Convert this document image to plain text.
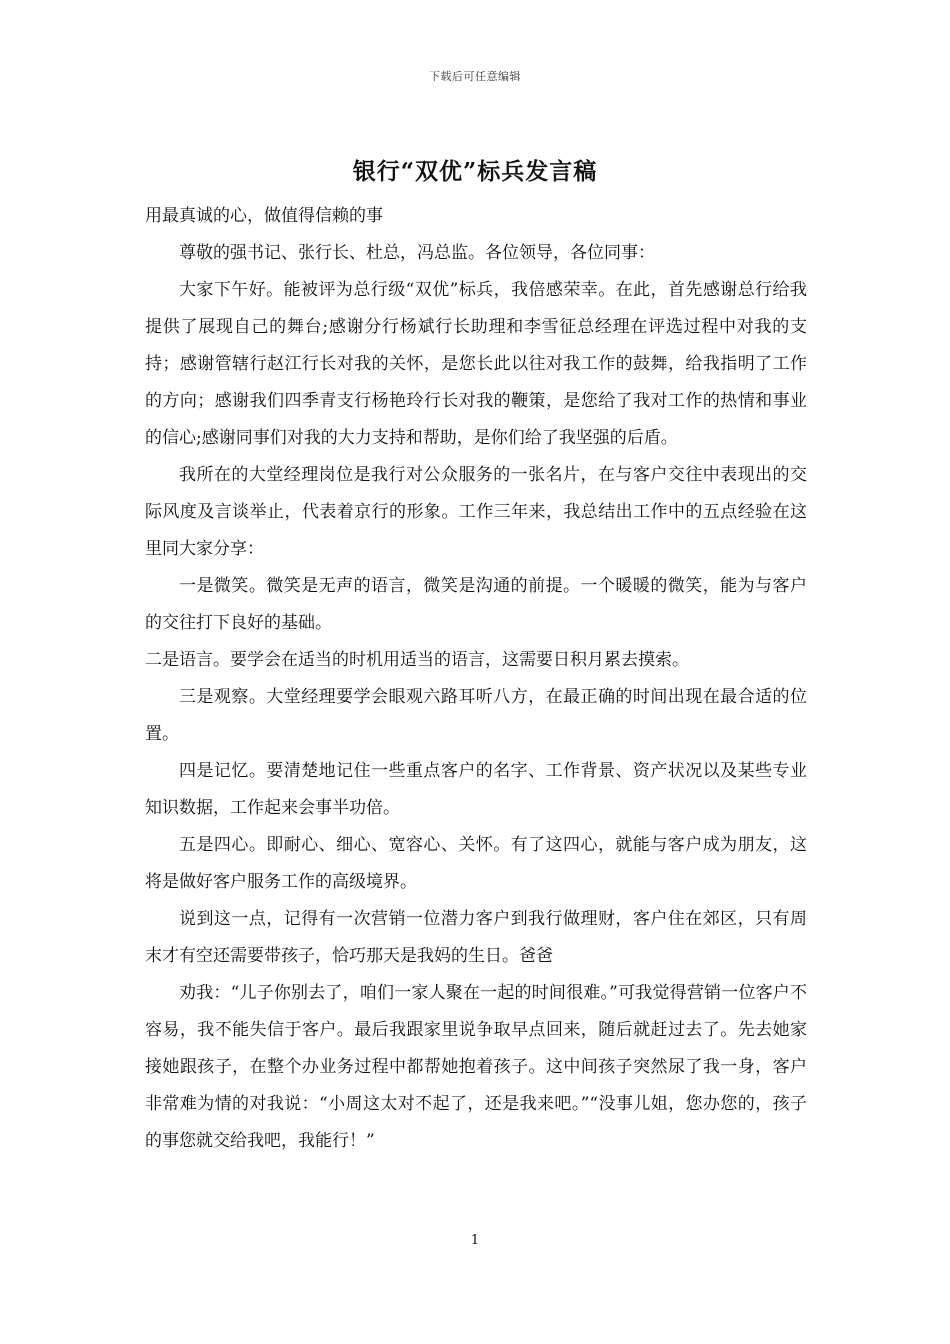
下载后可任意编辑
银行“双优”标兵发言稿

用最真诚的心，做值得信赖的事

尊敬的强书记、张行长、杜总，冯总监。各位领导，各位同事：

大家下午好。能被评为总行级“双优”标兵，我倍感荣幸。在此，首先感谢总行给我提供了展现自己的舞台;感谢分行杨斌行长助理和李雪征总经理在评选过程中对我的支持；感谢管辖行赵江行长对我的关怀，是您长此以往对我工作的鼓舞，给我指明了工作的方向；感谢我们四季青支行杨艳玲行长对我的鞭策，是您给了我对工作的热情和事业的信心;感谢同事们对我的大力支持和帮助，是你们给了我坚强的后盾。

我所在的大堂经理岗位是我行对公众服务的一张名片，在与客户交往中表现出的交际风度及言谈举止，代表着京行的形象。工作三年来，我总结出工作中的五点经验在这里同大家分享：

一是微笑。微笑是无声的语言，微笑是沟通的前提。一个暖暖的微笑，能为与客户的交往打下良好的基础。

二是语言。要学会在适当的时机用适当的语言，这需要日积月累去摸索。

三是观察。大堂经理要学会眼观六路耳听八方，在最正确的时间出现在最合适的位置。

四是记忆。要清楚地记住一些重点客户的名字、工作背景、资产状况以及某些专业知识数据，工作起来会事半功倍。

五是四心。即耐心、细心、宽容心、关怀。有了这四心，就能与客户成为朋友，这将是做好客户服务工作的高级境界。

说到这一点，记得有一次营销一位潜力客户到我行做理财，客户住在郊区，只有周末才有空还需要带孩子，恰巧那天是我妈的生日。爸爸

劝我：“儿子你别去了，咱们一家人聚在一起的时间很难。”可我觉得营销一位客户不容易，我不能失信于客户。最后我跟家里说争取早点回来，随后就赶过去了。先去她家接她跟孩子，在整个办业务过程中都帮她抱着孩子。这中间孩子突然尿了我一身，客户非常难为情的对我说：“小周这太对不起了，还是我来吧。”“没事儿姐，您办您的，孩子的事您就交给我吧，我能行！”

1
